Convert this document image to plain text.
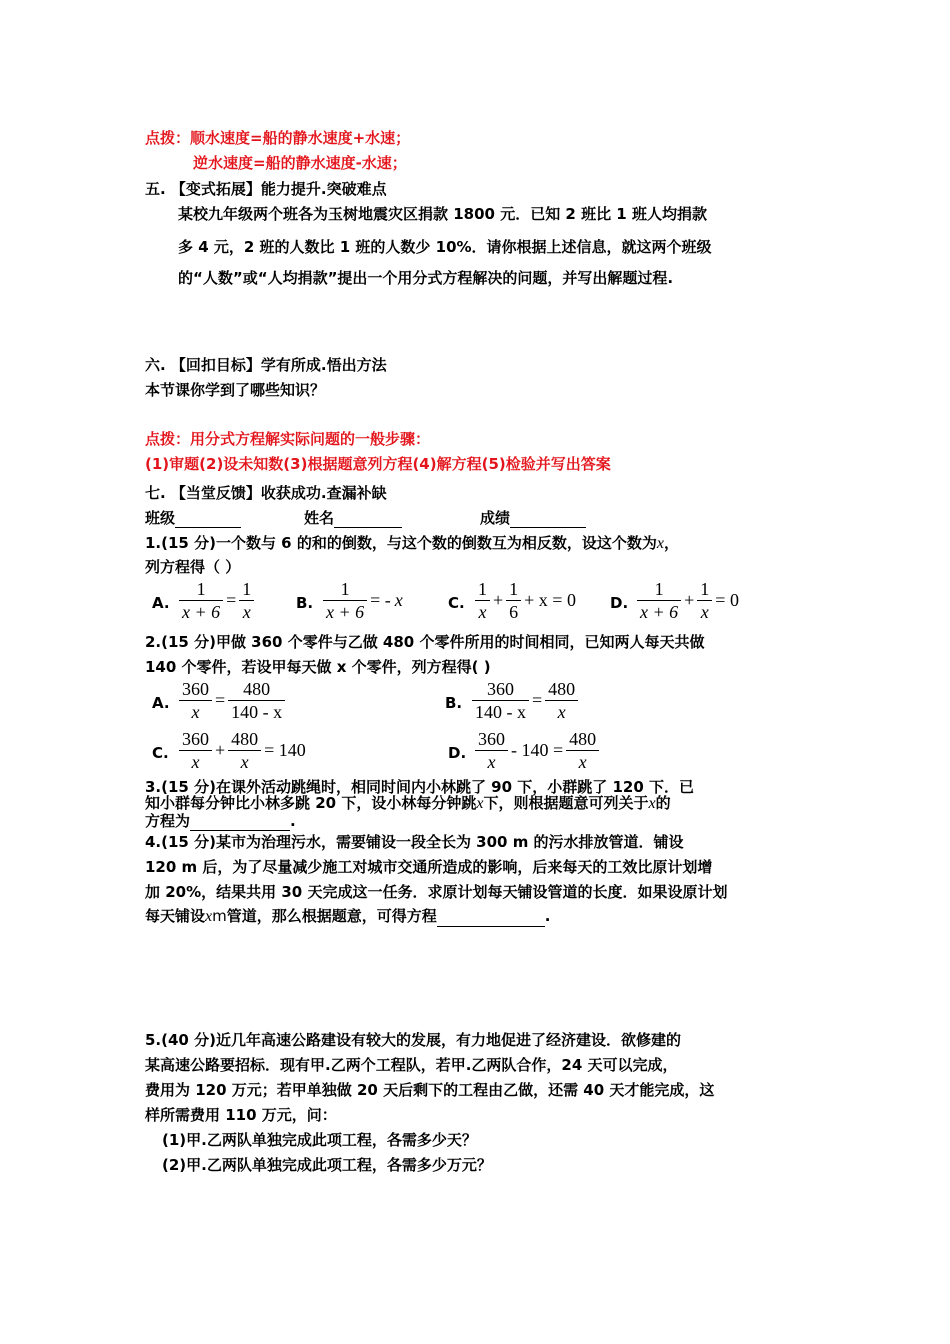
点拨：顺水速度=船的静水速度+水速；
逆水速度=船的静水速度-水速；
五. 【变式拓展】能力提升.突破难点
某校九年级两个班各为玉树地震灾区捐款 1800 元．已知 2 班比 1 班人均捐款
多 4 元，2 班的人数比 1 班的人数少 10%．请你根据上述信息，就这两个班级
的“人数”或“人均捐款”提出一个用分式方程解决的问题，并写出解题过程.
六. 【回扣目标】学有所成.悟出方法
本节课你学到了哪些知识？
点拨：用分式方程解实际问题的一般步骤：
(1)审题(2)设未知数(3)根据题意列方程(4)解方程(5)检验并写出答案
七. 【当堂反馈】收获成功.查漏补缺
班级	姓名	成绩
1.(15 分)一个数与 6 的和的倒数，与这个数的倒数互为相反数，设这个数为x，
列方程得（ ）
A. $\frac{1}{x + 6} = \frac{1}{x}$	B. $\frac{1}{x + 6}$ = - x	C. $\frac{1}{x} + \frac{1}{6} + x = 0$ D. $\frac{1}{x + 6} + \frac{1}{x} = 0$
2.(15 分)甲做 360 个零件与乙做 480 个零件所用的时间相同，已知两人每天共做
140 个零件，若设甲每天做 x 个零件，列方程得( )
A. $\frac{360}{x} = \frac{480}{140 - x}$	B. $\frac{360}{140 - x} = \frac{480}{x}$
C. $\frac{360}{x} + \frac{480}{x} = 140$	D. $\frac{360}{x} - 140 = \frac{480}{x}$
3.(15 分)在课外活动跳绳时，相同时间内小林跳了 90 下，小群跳了 120 下．已
知小群每分钟比小林多跳 20 下，设小林每分钟跳x下，则根据题意可列关于x的
方程为	.
4.(15 分)某市为治理污水，需要铺设一段全长为 300 m 的污水排放管道．铺设
120 m 后，为了尽量减少施工对城市交通所造成的影响，后来每天的工效比原计划增
加 20%，结果共用 30 天完成这一任务．求原计划每天铺设管道的长度．如果设原计划
每天铺设xm管道，那么根据题意，可得方程	.
5.(40 分)近几年高速公路建设有较大的发展，有力地促进了经济建设．欲修建的
某高速公路要招标．现有甲.乙两个工程队，若甲.乙两队合作，24 天可以完成，
费用为 120 万元；若甲单独做 20 天后剩下的工程由乙做，还需 40 天才能完成，这
样所需费用 110 万元，问：
(1)甲.乙两队单独完成此项工程，各需多少天？
(2)甲.乙两队单独完成此项工程，各需多少万元？
